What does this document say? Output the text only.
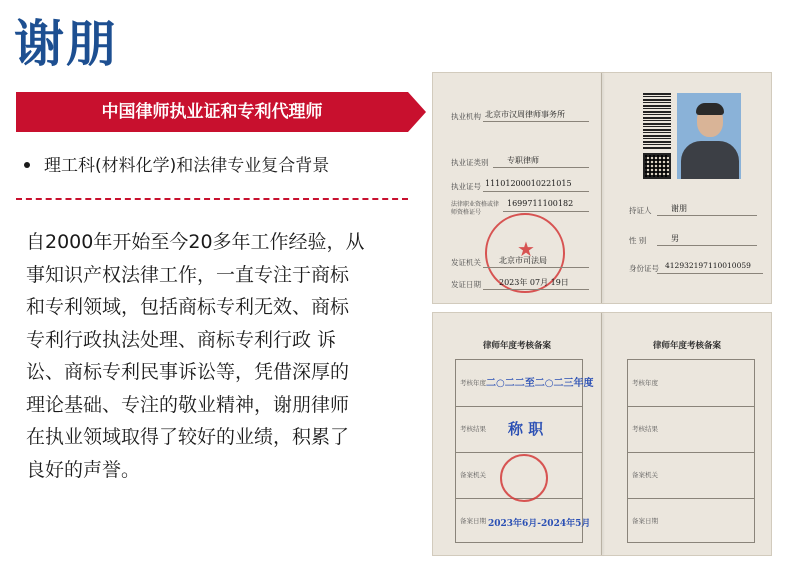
谢朋
中国律师执业证和专利代理师
理工科(材料化学)和法律专业复合背景
自2000年开始至今20多年工作经验，从
事知识产权法律工作，一直专注于商标
和专利领域，包括商标专利无效、商标
专利行政执法处理、商标专利行政 诉
讼、商标专利民事诉讼等，凭借深厚的
理论基础、专注的敬业精神，谢朋律师
在执业领域取得了较好的业绩，积累了
良好的声誉。
执业机构 北京市汉周律师事务所
执业证类别 专职律师
执业证号 11101200010221015
法律职业资格或律师资格证号
1699711100182
★
发证机关 北京市司法局
发证日期 2023年 07月 19日
持证人 谢朋
性 别	男
身份证号 412932197110010059
律师年度考核备案
考核年度
考核结果
备案机关
备案日期
二○二二至二○二三年度
称 职
2023年6月-2024年5月
律师年度考核备案
考核年度
考核结果
备案机关
备案日期
